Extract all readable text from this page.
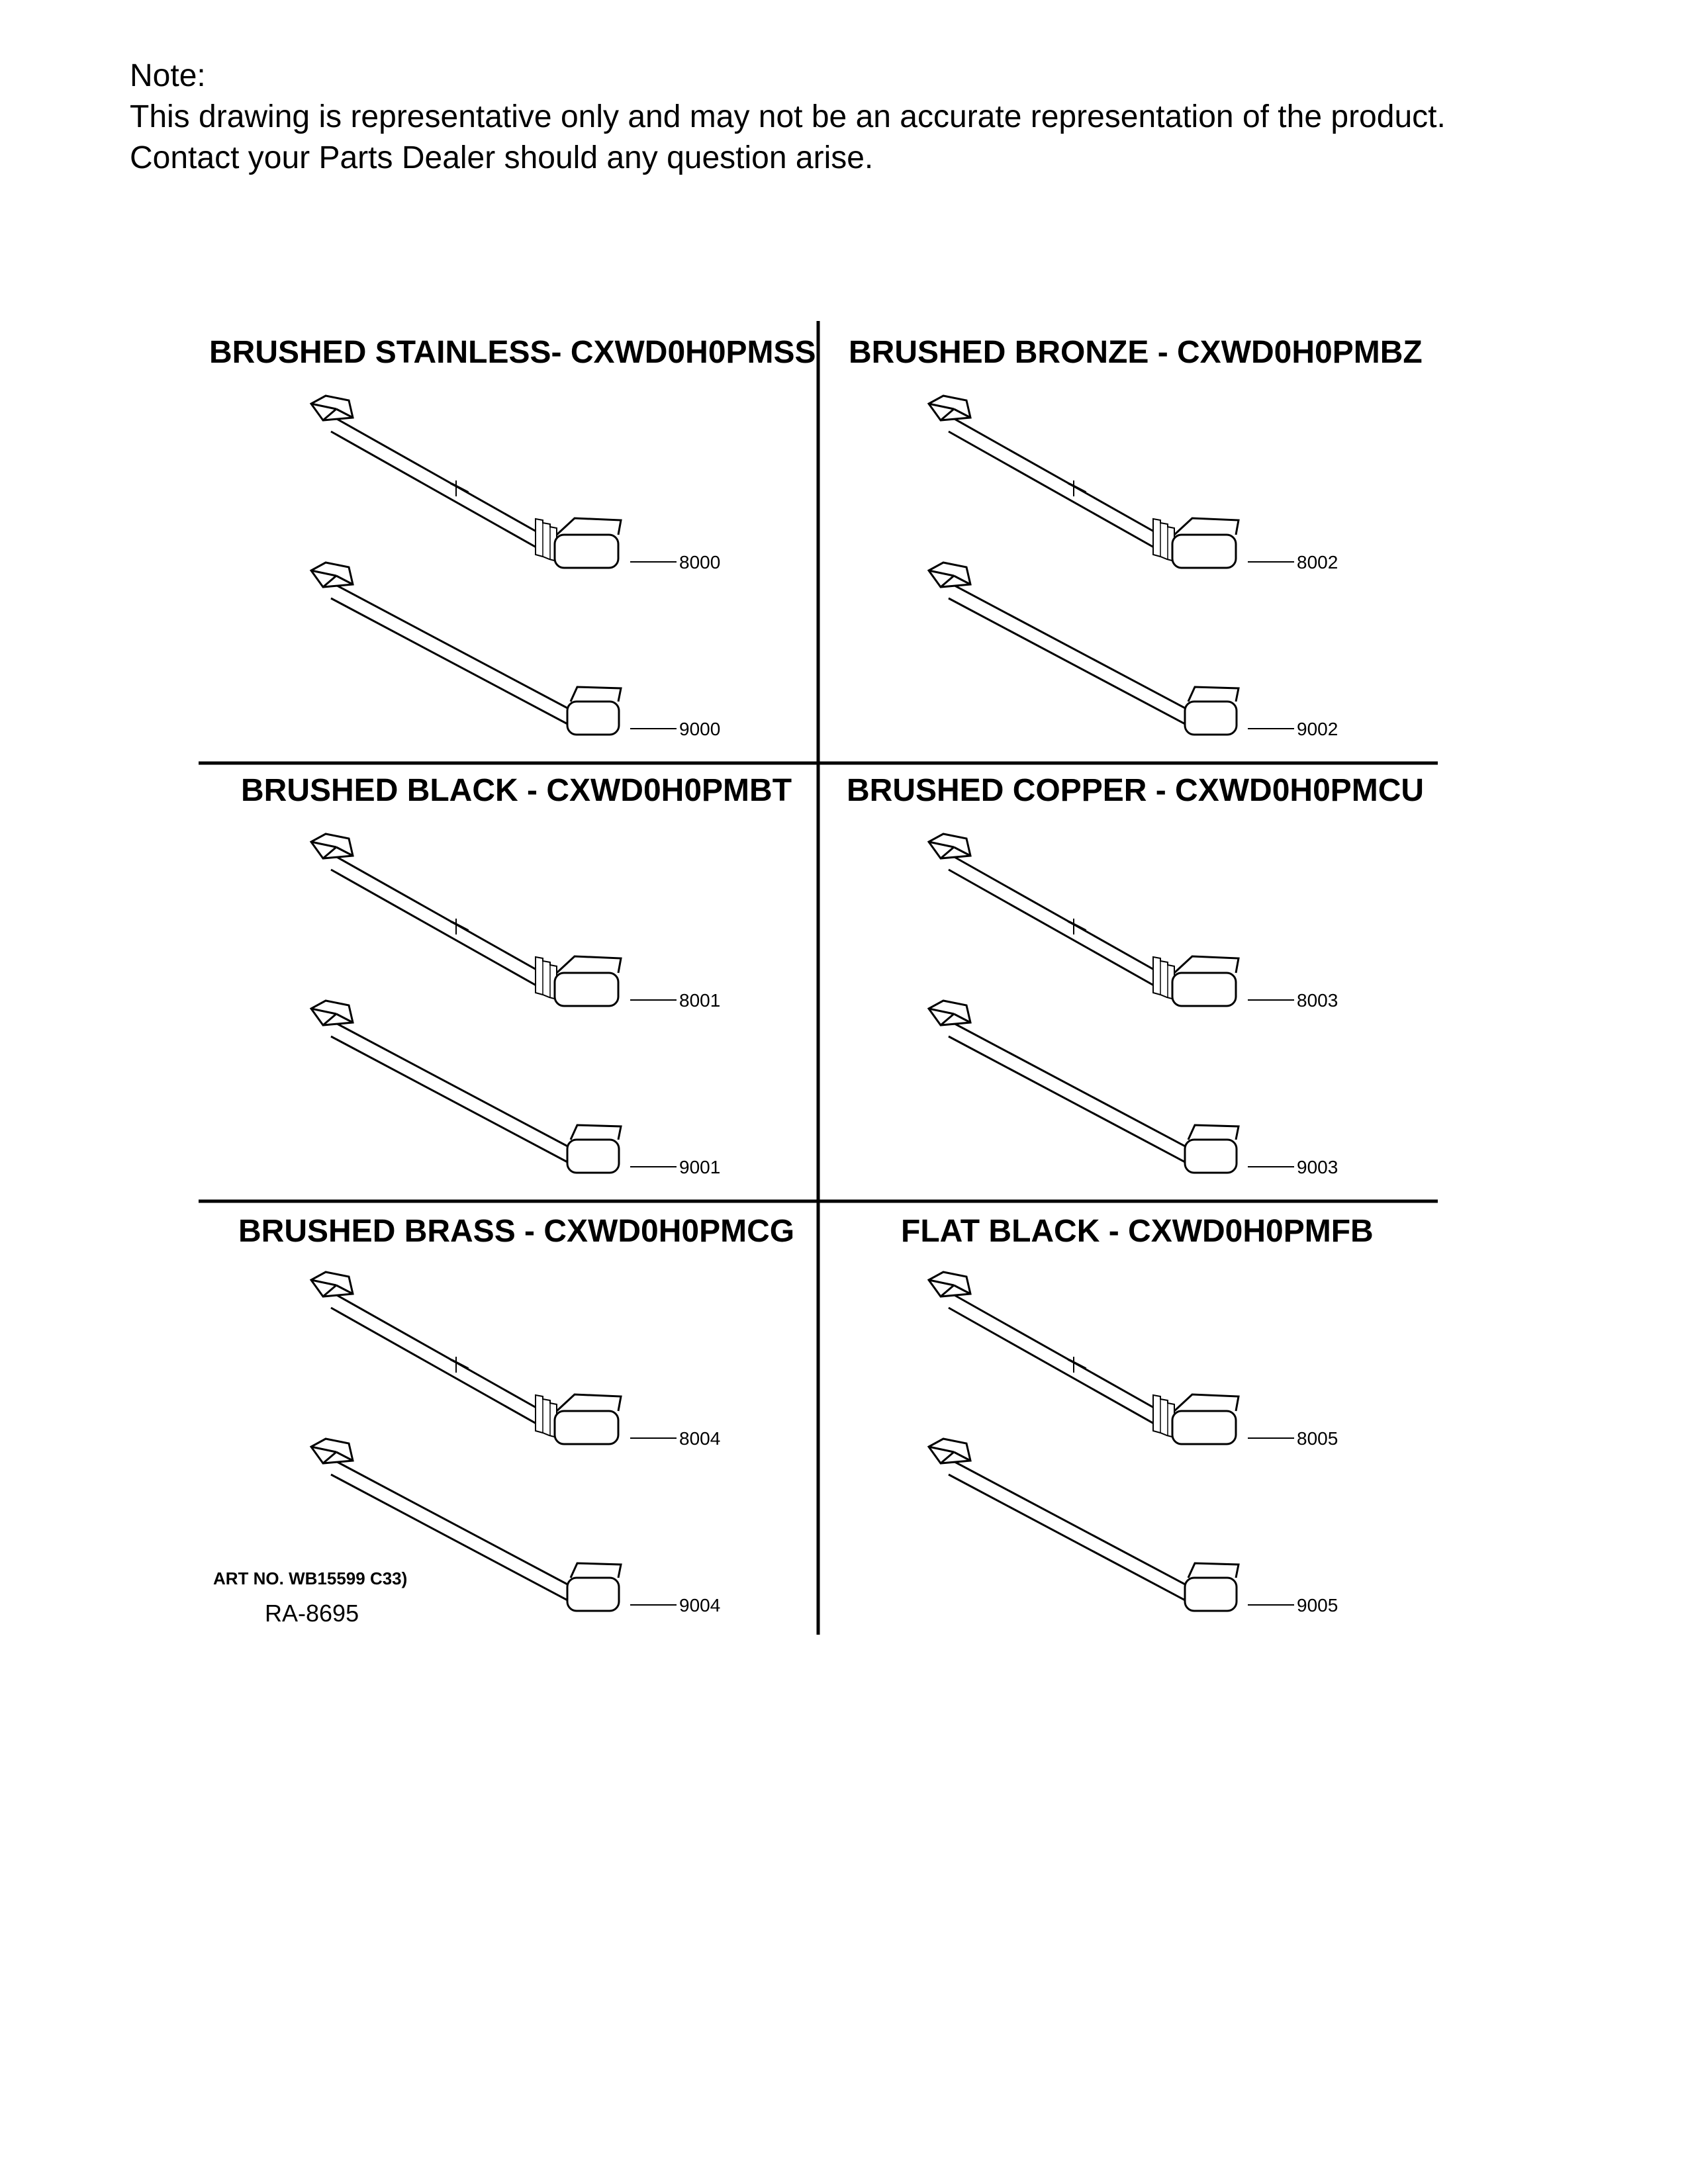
Note:
This drawing is representative only and may not be an accurate representation of the product.
Contact your Parts Dealer should any question arise.
BRUSHED STAINLESS- CXWD0H0PMSS
8000
9000
BRUSHED BRONZE - CXWD0H0PMBZ
8002
9002
BRUSHED BLACK - CXWD0H0PMBT
8001
9001
BRUSHED COPPER - CXWD0H0PMCU
8003
9003
BRUSHED BRASS - CXWD0H0PMCG
8004
9004
FLAT BLACK - CXWD0H0PMFB
8005
9005
ART NO. WB15599 C33)
RA-8695
